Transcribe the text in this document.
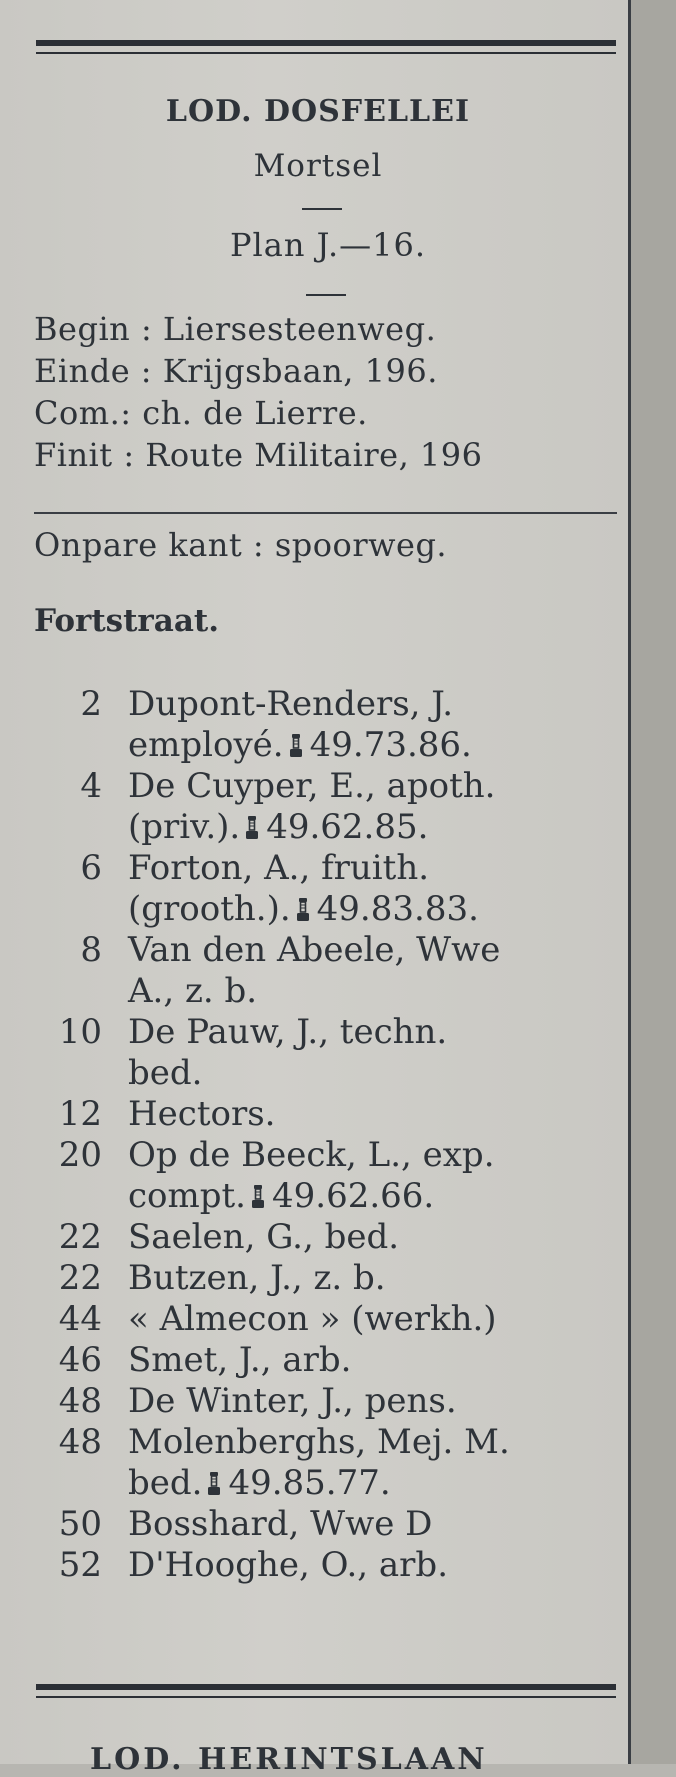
LOD. DOSFELLEI
Mortsel
Plan J.—16.
Begin : Liersesteenweg.
Einde : Krijgsbaan, 196.
Com.: ch. de Lierre.
Finit : Route Militaire, 196
Onpare kant : spoorweg.
Fortstraat.
2 Dupont-Renders, J.
employé. 49.73.86.
4 De Cuyper, E., apoth.
(priv.). 49.62.85.
6 Forton, A., fruith.
(grooth.). 49.83.83.
8 Van den Abeele, Wwe
A., z. b.
10 De Pauw, J., techn.
bed.
12 Hectors.
20 Op de Beeck, L., exp.
compt. 49.62.66.
22 Saelen, G., bed.
22 Butzen, J., z. b.
44 « Almecon » (werkh.)
46 Smet, J., arb.
48 De Winter, J., pens.
48 Molenberghs, Mej. M.
bed. 49.85.77.
50 Bosshard, Wwe D
52 D'Hooghe, O., arb.
LOD. HERINTSLAAN
